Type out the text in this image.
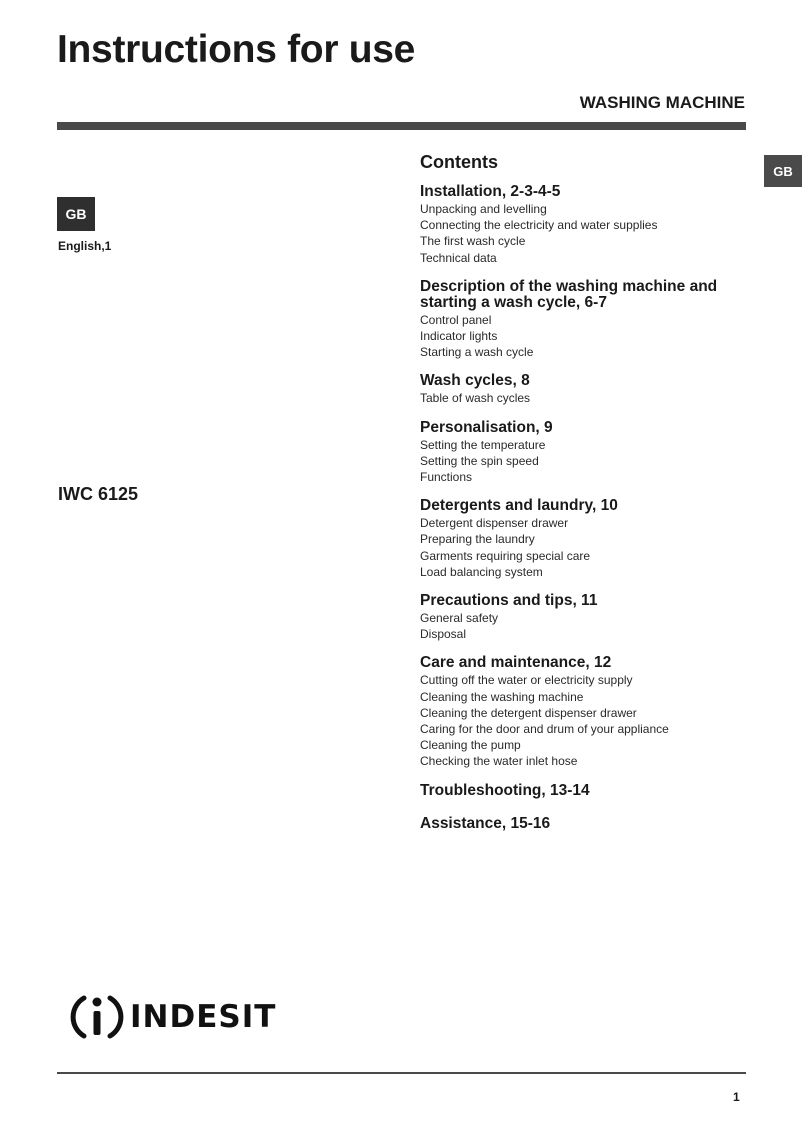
Instructions for use
WASHING MACHINE
GB
GB
English,1
IWC 6125
Contents
Installation, 2-3-4-5
Unpacking and levelling
Connecting the electricity and water supplies
The first wash cycle
Technical data
Description of the washing machine and starting a wash cycle, 6-7
Control panel
Indicator lights
Starting a wash cycle
Wash cycles, 8
Table of wash cycles
Personalisation, 9
Setting the temperature
Setting the spin speed
Functions
Detergents and laundry, 10
Detergent dispenser drawer
Preparing the laundry
Garments requiring special care
Load balancing system
Precautions and tips, 11
General safety
Disposal
Care and maintenance, 12
Cutting off the water or electricity supply
Cleaning the washing machine
Cleaning the detergent dispenser drawer
Caring for the door and drum of your appliance
Cleaning the pump
Checking the water inlet hose
Troubleshooting, 13-14
Assistance, 15-16
INDESIT
1
